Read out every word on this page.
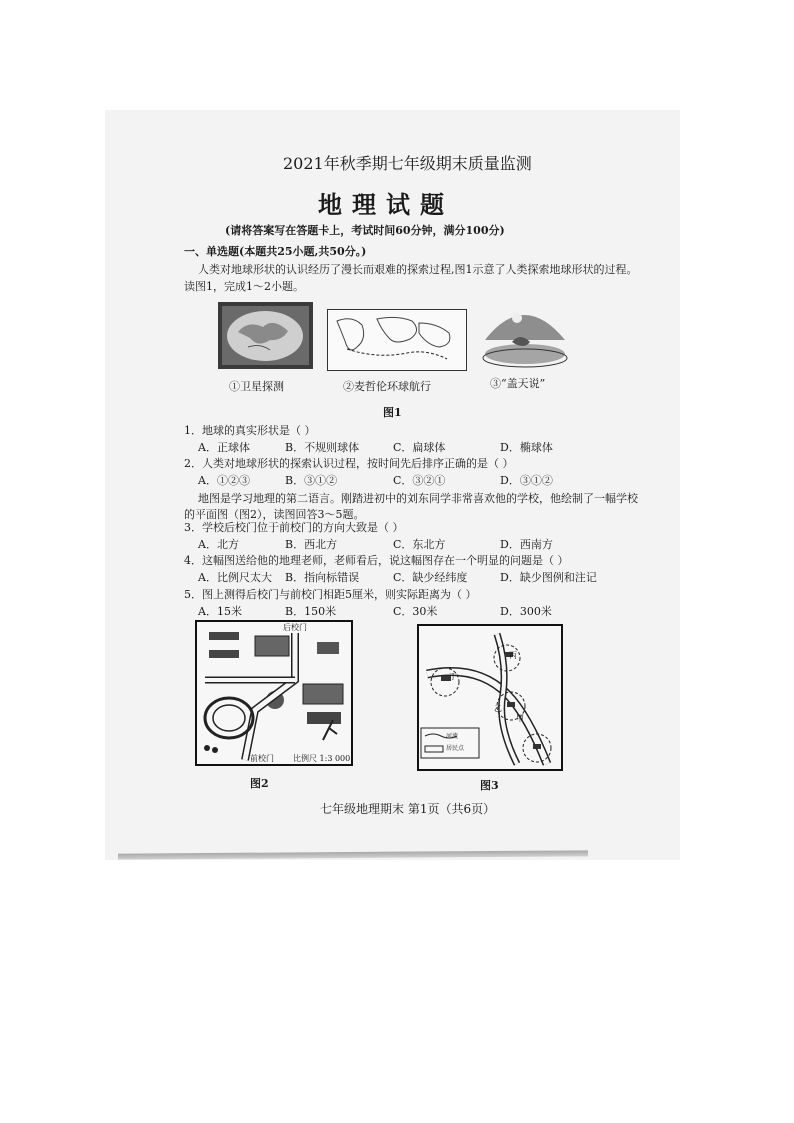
2021年秋季期七年级期末质量监测
地理试题
(请将答案写在答题卡上，考试时间60分钟，满分100分)
一、单选题(本题共25小题,共50分。)
人类对地球形状的认识经历了漫长而艰难的探索过程,图1示意了人类探索地球形状的过程。
读图1，完成1～2小题。
①卫星探测	②麦哲伦环球航行	③“盖天说”
图1
1．地球的真实形状是（ ）
A．正球体	B．不规则球体	C．扁球体	D．椭球体
2．人类对地球形状的探索认识过程，按时间先后排序正确的是（ ）
A．①②③	B．③①②	C．③②①	D．③①②
地图是学习地理的第二语言。刚踏进初中的刘东同学非常喜欢他的学校，他绘制了一幅学校
的平面图（图2），读图回答3～5题。
3．学校后校门位于前校门的方向大致是（ ）
A．北方	B．西北方	C．东北方	D．西南方
4．这幅图送给他的地理老师，老师看后，说这幅图存在一个明显的问题是（ ）
A．比例尺太大 B．指向标错误	C．缺少经纬度	D．缺少图例和注记
5．图上测得后校门与前校门相距5厘米，则实际距离为（ ）
A．15米	B．150米	C．30米	D．300米
后校门
前校门 比例尺 1:3 000
图2
丁
丙
乙
甲
河流
居民点
图3
七年级地理期末 第1页（共6页）
